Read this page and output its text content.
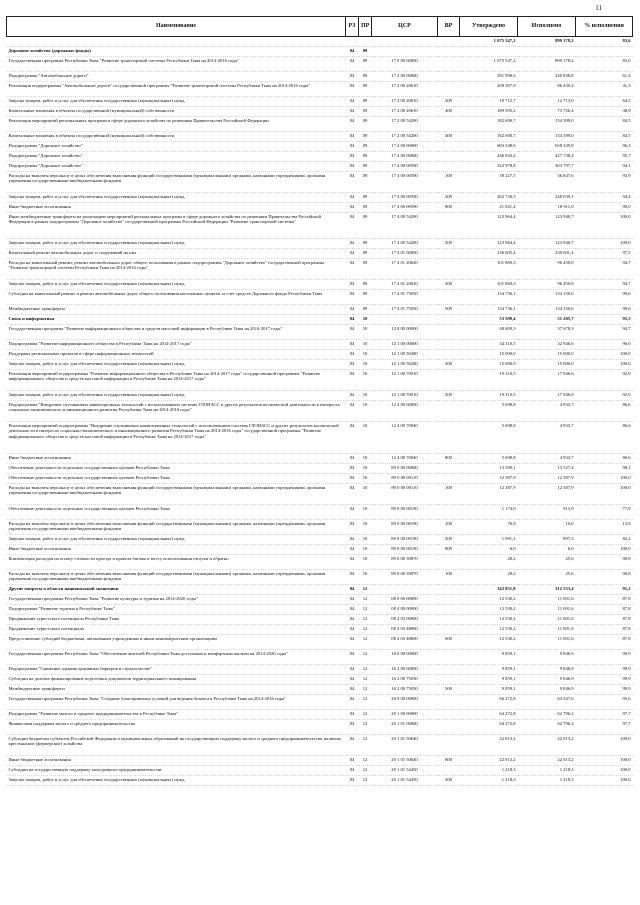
11
Наименование	РЗ	ПР	ЦСР	ВР	Утверждено	Исполнено	% исполнения
					1 075 547,2	899 178,2	83,6
Дорожное хозяйство (дорожные фонды)	04	09					
Государственная программа Республики Тыва "Развитие транспортной системы Республики Тыва на 2014-2016 годы"	04	09	17 0 00 00000		1 075 547,2	899 178,2	83,6
Подпрограмма "Автомобильные дороги"	04	09	17 2 00 00000		391 998,6	240 838,8	61,4
Реализация подпрограммы "Автомобильные дороги" государственной программы "Развитие транспортной системы Республики Тыва на 2014-2016 годы"	04	09	17 2 00 20610		209 307,9	86 439,4	41,3
Закупка товаров, работ и услуг для обеспечения государственных (муниципальных) нужд	04	09	17 2 00 20610	200	19 712,7	12 713,0	64,5
Капитальные вложения в объекты государственной (муниципальной) собственности	04	09	17 2 00 20610	400	189 595,2	73 726,4	38,9
Реализация мероприятий региональных программ в сфере дорожного хозяйства по решениям Правительства Российской Федерации	04	09	17 2 00 54200		182 690,7	154 399,0	84,5
Капитальные вложения в объекты государственной (муниципальной) собственности	04	09	17 2 00 54200	400	182 690,7	154 399,0	84,5
Подпрограмма "Дорожное хозяйство"	04	09	17 4 00 00000		683 548,6	658 339,8	96,3
Подпрограмма "Дорожное хозяйство"	04	09	17 4 00 00000		446 943,2	427 738,4	95,7
Подпрограмма "Дорожное хозяйство"	04	09	17 4 00 00590		322 978,8	303 797,7	94,1
Расходы на выплаты персоналу в целях обеспечения выполнения функций государственными (муниципальными) органами, казенными учреждениями, органами управления государственными внебюджетными фондами	04	09	17 4 00 00590	100	39 227,5	36 847,6	93,9
Закупка товаров, работ и услуг для обеспечения государственных (муниципальных) нужд	04	09	17 4 00 00590	200	262 730,3	248 039,1	94,4
Иные бюджетные ассигнования	04	09	17 4 00 00590	800	21 021,4	18 911,0	90,0
Иные межбюджетные трансферты на реализацию мероприятий региональных программ в сфере дорожного хозяйства по решениям Правительства Российской Федерации в рамках подпрограммы "Дорожное хозяйство" государственной программы Российской Федерации "Развитие транспортной системы"	04	09	17 4 00 54200		123 964,4	123 940,7	100,0
Закупка товаров, работ и услуг для обеспечения государственных (муниципальных) нужд	04	09	17 4 00 54200	200	123 964,4	123 940,7	100,0
Капитальный ремонт автомобильных дорог и сооружений на них	04	09	17 4 01 00000		236 605,4	230 601,4	97,5
Расходы на капитальный ремонт, ремонт автомобильных дорог общего пользования в рамках подпрограммы "Дорожное хозяйство" государственной программы "Развитие транспортной системы Республики Тыва на 2014-2016 годы"	04	09	17 4 01 20620		101 869,3	96 450,8	94,7
Закупка товаров, работ и услуг для обеспечения государственных (муниципальных) нужд	04	09	17 4 01 20620	200	101 869,3	96 450,8	94,7
Субсидии на капитальный ремонт и ремонт автомобильных дорог общего пользования населенных пунктов за счет средств Дорожного фонда Республики Тыва	04	09	17 4 01 75050		134 736,1	134 150,6	99,6
Межбюджетные трансферты	04	09	17 4 01 75050	500	134 736,1	134 150,6	99,6
Связь и информатика	04	10			53 599,4	51 205,7	95,5
Государственная программа "Развитие информационного общества и средств массовой информации в Республике Тыва на 2014-2017 годы"	04	10	12 0 00 00000		40 609,3	37 678,3	94,7
Подпрограмма "Развитие информационного общества в Республике Тыва на 2014-2017 годы"	04	10	12 1 00 00000		34 310,5	32 946,6	96,0
Поддержка региональных проектов в сфере информационных технологий	04	10	12 1 00 50280		15 000,0	15 000,0	100,0
Закупка товаров, работ и услуг для обеспечения государственных (муниципальных) нужд	04	10	12 1 00 50280	200	15 000,0	15 000,0	100,0
Реализация мероприятий подпрограммы "Развитие информационного общества в Республике Тыва на 2014-2017 годы" государственной программы "Развитие информационного общества и средств массовой информации в Республике Тыва на 2014-2017 годы"	04	10	12 1 00 70010		19 310,5	17 946,6	92,9
Закупка товаров, работ и услуг для обеспечения государственных (муниципальных) нужд	04	10	12 1 00 70010	200	19 310,5	17 946,6	92,9
Подпрограмма "Внедрение спутниковых навигационных технологий с использованием системы ГЛОНАСС и других результатов космической деятельности в интересах социально-экономического и инновационного развития Республики Тыва на 2014-2016 годы"	04	10	12 4 00 00000		5 698,8	4 933,7	86,6
Реализация мероприятий подпрограммы "Внедрение спутниковых навигационных технологий с использованием системы ГЛОНАСС и других результатов космической деятельности в интересах социально-экономического и инновационного развития Республики Тыва на 2014-2016 годы" государственной программы "Развитие информационного общества и средств массовой информации в Республике Тыва на 2014-2017 годы"	04	10	12 4 00 70040		5 698,8	4 933,7	86,6
Иные бюджетные ассигнования	04	10	12 4 00 70040	800	5 698,8	4 933,7	86,6
Обеспечение деятельности отдельных государственных органов Республики Тыва	04	10	89 0 00 00000		13 590,1	13 527,4	98,1
Обеспечение деятельности отдельных государственных органов Республики Тыва	04	10	89 0 00 00110		12 387,9	12 387,9	100,0
Расходы на выплаты персоналу в целях обеспечения выполнения функций государственными (муниципальными) органами, казенными учреждениями, органами управления государственными внебюджетными фондами	04	10	89 0 00 00110	100	12 387,9	12 387,9	100,0
Обеспечение деятельности отдельных государственных органов Республики Тыва	04	10	89 0 00 00190		1 174,0	913,9	77,8
Расходы на выплаты персоналу в целях обеспечения выполнения функций государственными (муниципальными) органами, казенными учреждениями, органами управления государственными внебюджетными фондами	04	10	89 0 00 00190	100	76,9	10,6	13,8
Закупка товаров, работ и услуг для обеспечения государственных (муниципальных) нужд	04	10	89 0 00 00190	200	1 091,1	897,3	82,2
Иные бюджетные ассигнования	04	10	89 0 00 00190	800	6,0	6,0	100,0
Компенсация расходов на оплату стоимости проезда и провоза багажа к месту использования отпуска и обратно	04	10	89 0 00 39870		28,2	25,6	90,8
Расходы на выплаты персоналу в целях обеспечения выполнения функций государственными (муниципальными) органами, казенными учреждениями, органами управления государственными внебюджетными фондами	04	10	89 0 00 39870	100	28,2	25,6	90,8
Другие вопросы в области национальной экономики	04	12			343 851,8	312 533,4	91,2
Государственная программа Республики Тыва "Развитие культуры и туризма на 2014-2020 годы"	04	12	08 0 00 00000		12 530,2	11 001,6	87,8
Подпрограмма "Развитие туризма в Республике Тыва"	04	12	08 4 00 00000		12 530,2	11 001,6	87,8
Продвижение туристского потенциала Республики Тыва	04	12	08 4 03 00000		12 530,2	11 001,6	87,8
Продвижение туристского потенциала	04	12	08 4 03 48800		12 530,2	11 001,6	87,8
Предоставление субсидий бюджетным, автономным учреждениям и иным некоммерческим организациям	04	12	08 4 03 48800	600	12 530,2	11 001,6	87,8
Государственная программа Республики Тыва "Обеспечение жителей Республики Тыва доступным и комфортным жильем на 2014-2020 годы"	04	12	16 0 00 00000		9 859,1	9 846,9	99,9
Подпрограмма "Снижение административных барьеров в строительстве"	04	12	16 2 00 00000		9 859,1	9 846,9	99,9
Субсидии на долевое финансирование подготовки документов территориального планирования	04	12	16 2 00 75030		9 859,1	9 846,9	99,9
Межбюджетные трансферты	04	12	16 2 00 75030	500	9 859,1	9 846,9	99,9
Государственная программа Республики Тыва "Создание благоприятных условий для ведения бизнеса в Республике Тыва на 2014-2016 годы"	04	12	20 0 00 00000		66 272,8	63 347,6	95,6
Подпрограмма "Развитие малого и среднего предпринимательства в Республике Тыва"	04	12	20 1 00 00000		64 272,8	62 796,2	97,7
Финансовая поддержка малого и среднего предпринимательства	04	12	20 1 01 00000		64 272,8	62 796,2	97,7
Субсидии бюджетам субъектов Российской Федерации и муниципальных образований на государственную поддержку малого и среднего предпринимательства, включая крестьянские (фермерские) хозяйства	04	12	20 1 01 50640		22 013,2	22 013,2	100,0
Иные бюджетные ассигнования	04	12	20 1 01 50640	800	22 013,2	22 013,2	100,0
Субсидии на государственную поддержку молодежного предпринимательства	04	12	20 1 01 54450		1 218,3	1 218,3	100,0
Закупка товаров, работ и услуг для обеспечения государственных (муниципальных) нужд	04	12	20 1 01 54450	200	1 218,3	1 218,3	100,0
